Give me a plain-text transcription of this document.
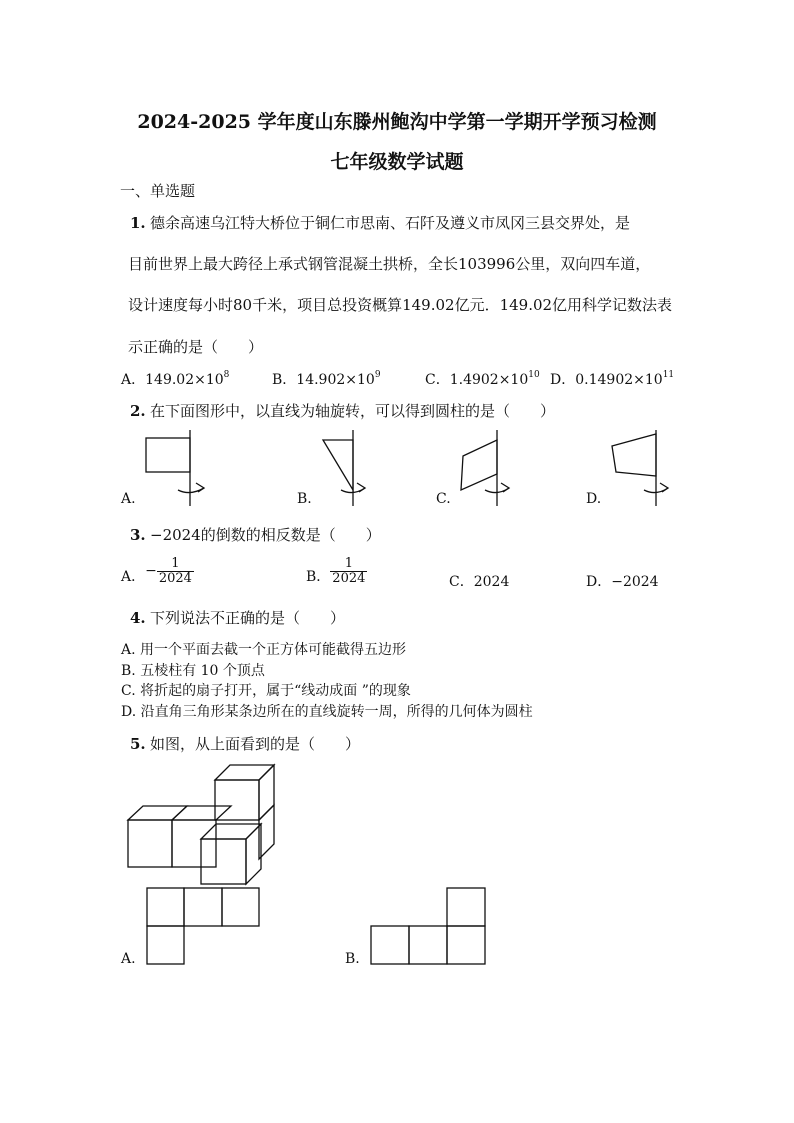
2024-2025 学年度山东滕州鲍沟中学第一学期开学预习检测
七年级数学试题
一、单选题
1. 德余高速乌江特大桥位于铜仁市思南、石阡及遵义市凤冈三县交界处，是
目前世界上最大跨径上承式钢管混凝土拱桥，全长103996公里，双向四车道，
设计速度每小时80千米，项目总投资概算149.02亿元．149.02亿用科学记数法表
示正确的是（　　）
A．$149.02\times 10^8$	B．$14.902\times 10^9$	C．$1.4902\times 10^{10}$ D．$0.14902\times 10^{11}$
2. 在下面图形中，以直线为轴旋转，可以得到圆柱的是（　　）
A.	B.	C.	D.
3. −2024的倒数的相反数是（　　）
A．− $\frac{1}{2024}$	B． $\frac{1}{2024}$	C．2024	D．−2024
4. 下列说法不正确的是（　　）
A. 用一个平面去截一个正方体可能截得五边形
B. 五棱柱有 10 个顶点
C. 将折起的扇子打开，属于“线动成面 ”的现象
D. 沿直角三角形某条边所在的直线旋转一周，所得的几何体为圆柱
5. 如图，从上面看到的是（　　）
A.	B.
